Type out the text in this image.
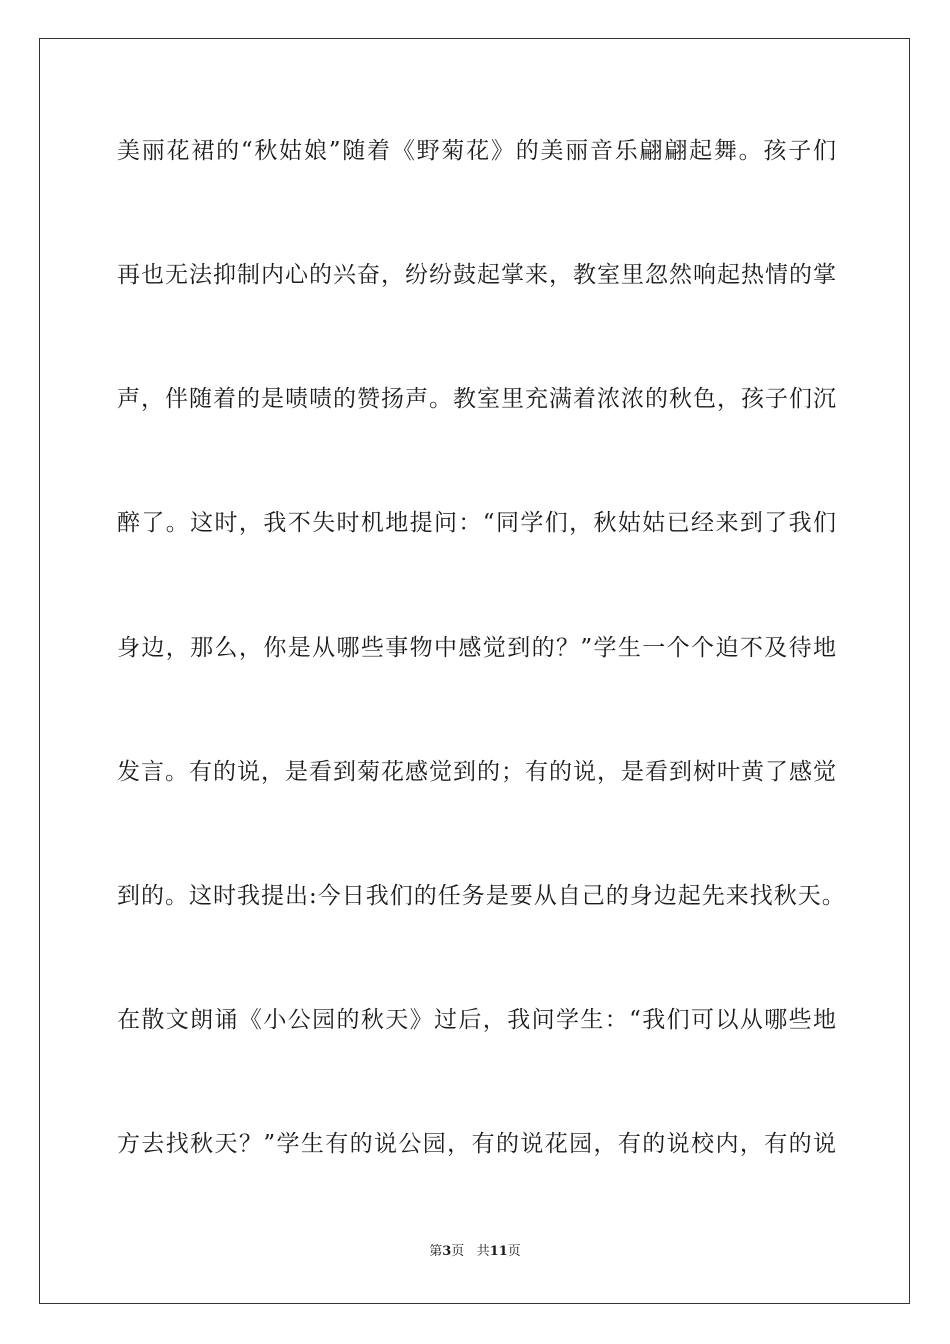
美丽花裙的“秋姑娘”随着《野菊花》的美丽音乐翩翩起舞。孩子们
再也无法抑制内心的兴奋，纷纷鼓起掌来，教室里忽然响起热情的掌
声，伴随着的是啧啧的赞扬声。教室里充满着浓浓的秋色，孩子们沉
醉了。这时，我不失时机地提问：“同学们，秋姑姑已经来到了我们
身边，那么，你是从哪些事物中感觉到的？”学生一个个迫不及待地
发言。有的说，是看到菊花感觉到的；有的说，是看到树叶黄了感觉
到的。这时我提出:今日我们的任务是要从自己的身边起先来找秋天。
在散文朗诵《小公园的秋天》过后，我问学生：“我们可以从哪些地
方去找秋天？”学生有的说公园，有的说花园，有的说校内，有的说
第3页 共11页
